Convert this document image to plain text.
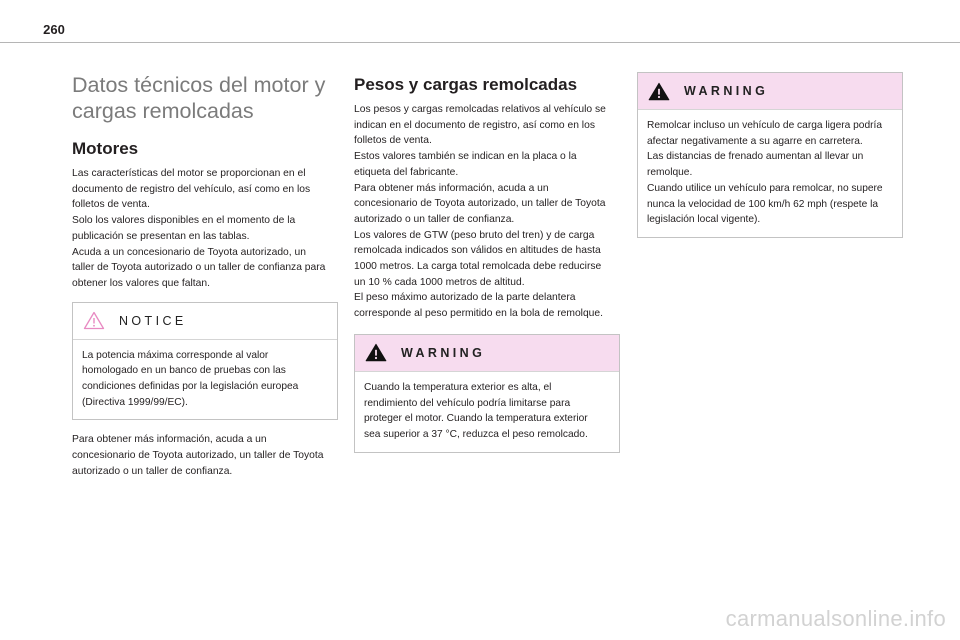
260
Datos técnicos del motor y
cargas remolcadas
Motores

Las características del motor se proporcionan en el
documento de registro del vehículo, así como en los
folletos de venta.
Solo los valores disponibles en el momento de la
publicación se presentan en las tablas.
Acuda a un concesionario de Toyota autorizado, un
taller de Toyota autorizado o un taller de confianza para
obtener los valores que faltan.

NOTICE

La potencia máxima corresponde al valor
homologado en un banco de pruebas con las
condiciones definidas por la legislación europea
(Directiva 1999/99/EC).

Para obtener más información, acuda a un
concesionario de Toyota autorizado, un taller de Toyota
autorizado o un taller de confianza.

Pesos y cargas remolcadas

Los pesos y cargas remolcadas relativos al vehículo se
indican en el documento de registro, así como en los
folletos de venta.
Estos valores también se indican en la placa o la
etiqueta del fabricante.
Para obtener más información, acuda a un
concesionario de Toyota autorizado, un taller de Toyota
autorizado o un taller de confianza.
Los valores de GTW (peso bruto del tren) y de carga
remolcada indicados son válidos en altitudes de hasta
1000 metros. La carga total remolcada debe reducirse
un 10 % cada 1000 metros de altitud.
El peso máximo autorizado de la parte delantera
corresponde al peso permitido en la bola de remolque.

WARNING

Cuando la temperatura exterior es alta, el
rendimiento del vehículo podría limitarse para
proteger el motor. Cuando la temperatura exterior
sea superior a 37 °C, reduzca el peso remolcado.

WARNING

Remolcar incluso un vehículo de carga ligera podría
afectar negativamente a su agarre en carretera.
Las distancias de frenado aumentan al llevar un
remolque.
Cuando utilice un vehículo para remolcar, no supere
nunca la velocidad de 100 km/h 62 mph (respete la
legislación local vigente).

carmanualsonline.info
